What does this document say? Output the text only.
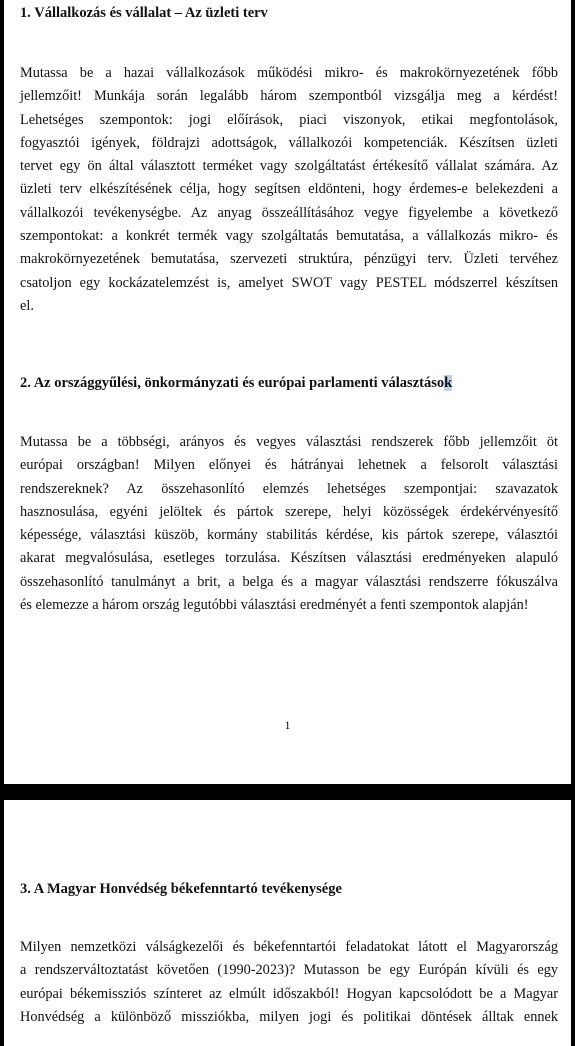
1. Vállalkozás és vállalat – Az üzleti terv
Mutassa be a hazai vállalkozások működési mikro- és makrokörnyezetének főbb
jellemzőit! Munkája során legalább három szempontból vizsgálja meg a kérdést!
Lehetséges szempontok: jogi előírások, piaci viszonyok, etikai megfontolások,
fogyasztói igények, földrajzi adottságok, vállalkozói kompetenciák. Készítsen üzleti
tervet egy ön által választott terméket vagy szolgáltatást értékesítő vállalat számára. Az
üzleti terv elkészítésének célja, hogy segítsen eldönteni, hogy érdemes-e belekezdeni a
vállalkozói tevékenységbe. Az anyag összeállításához vegye figyelembe a következő
szempontokat: a konkrét termék vagy szolgáltatás bemutatása, a vállalkozás mikro- és
makrokörnyezetének bemutatása, szervezeti struktúra, pénzügyi terv. Üzleti tervéhez
csatoljon egy kockázatelemzést is, amelyet SWOT vagy PESTEL módszerrel készítsen
el.
2. Az országgyűlési, önkormányzati és európai parlamenti választások
Mutassa be a többségi, arányos és vegyes választási rendszerek főbb jellemzőit öt
európai országban! Milyen előnyei és hátrányai lehetnek a felsorolt választási
rendszereknek? Az összehasonlító elemzés lehetséges szempontjai: szavazatok
hasznosulása, egyéni jelöltek és pártok szerepe, helyi közösségek érdekérvényesítő
képessége, választási küszöb, kormány stabilitás kérdése, kis pártok szerepe, választói
akarat megvalósulása, esetleges torzulása. Készítsen választási eredményeken alapuló
összehasonlító tanulmányt a brit, a belga és a magyar választási rendszerre fókuszálva
és elemezze a három ország legutóbbi választási eredményét a fenti szempontok alapján!
1
3. A Magyar Honvédség békefenntartó tevékenysége
Milyen nemzetközi válságkezelői és békefenntartói feladatokat látott el Magyarország
a rendszerváltoztatást követően (1990-2023)? Mutasson be egy Európán kívüli és egy
európai békemissziós színteret az elmúlt időszakból! Hogyan kapcsolódott be a Magyar
Honvédség a különböző missziókba, milyen jogi és politikai döntések álltak ennek
